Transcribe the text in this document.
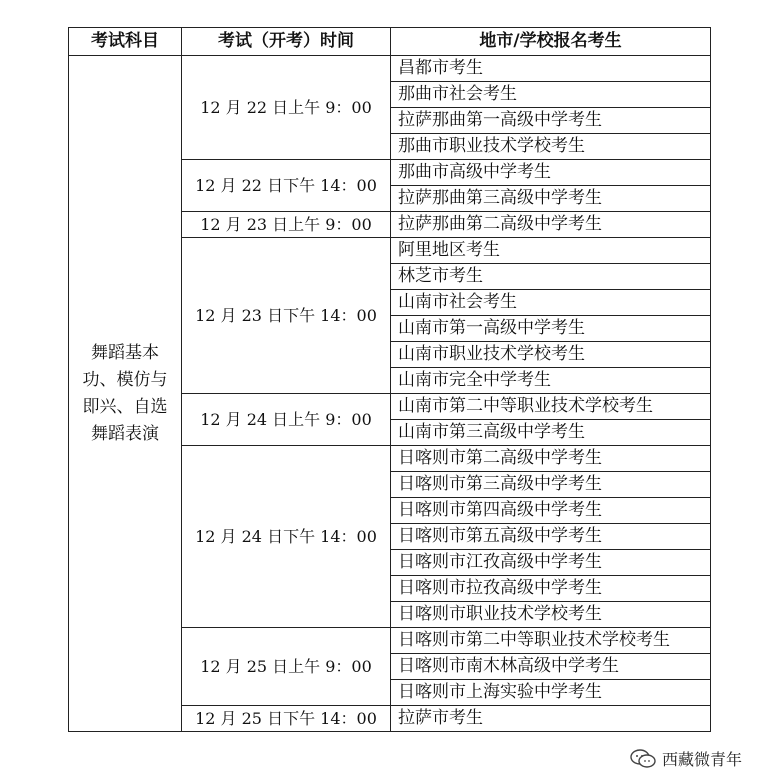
考试科目	考试（开考）时间	地市/学校报名考生
舞蹈基本功、模仿与即兴、自选舞蹈表演	12 月 22 日上午 9：00	昌都市考生
		那曲市社会考生
		拉萨那曲第一高级中学考生
		那曲市职业技术学校考生
	12 月 22 日下午 14：00	那曲市高级中学考生
		拉萨那曲第三高级中学考生
	12 月 23 日上午 9：00	拉萨那曲第二高级中学考生
	12 月 23 日下午 14：00	阿里地区考生
		林芝市考生
		山南市社会考生
		山南市第一高级中学考生
		山南市职业技术学校考生
		山南市完全中学考生
	12 月 24 日上午 9：00	山南市第二中等职业技术学校考生
		山南市第三高级中学考生
	12 月 24 日下午 14：00	日喀则市第二高级中学考生
		日喀则市第三高级中学考生
		日喀则市第四高级中学考生
		日喀则市第五高级中学考生
		日喀则市江孜高级中学考生
		日喀则市拉孜高级中学考生
		日喀则市职业技术学校考生
	12 月 25 日上午 9：00	日喀则市第二中等职业技术学校考生
		日喀则市南木林高级中学考生
		日喀则市上海实验中学考生
	12 月 25 日下午 14：00	拉萨市考生
西藏微青年
